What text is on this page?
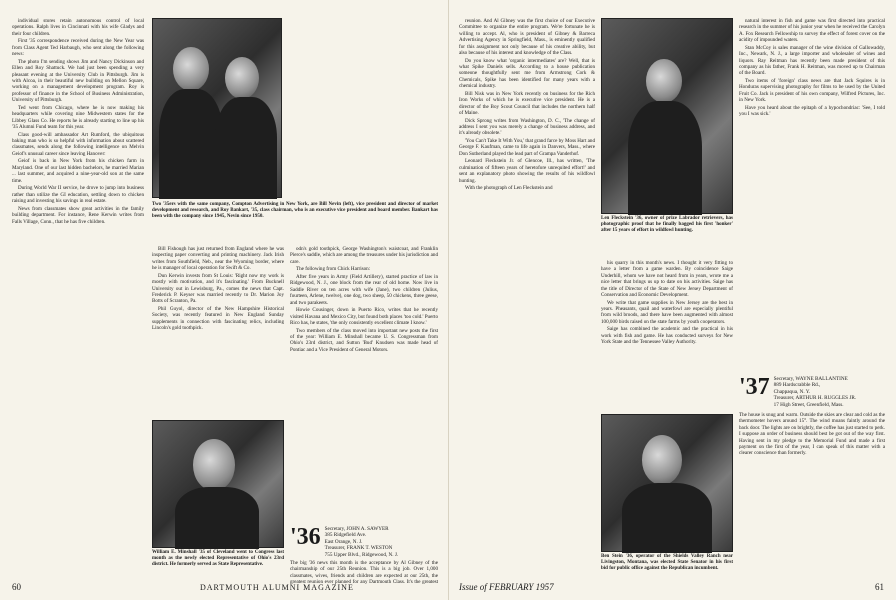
individual stores retain autonomous control of local operations. Ralph lives in Cincinnati with his wife Gladys and their four children.

First '35 correspondence received during the New Year was from Class Agent Ted Harbaugh, who sent along the following news:

The photo I'm sending shows Jim and Nancy Dickinson and Ellen and Roy Shattuck. We had just been spending a very pleasant evening at the University Club in Pittsburgh. Jim is with Alcoa, in their beautiful new building on Mellon Square, working on a management development program. Roy is professor of finance in the School of Business Administration, University of Pittsburgh.

Ted went from Chicago, where he is now making his headquarters while covering nine Midwestern states for the Libbey Glass Co. He reports he is already starting to line up his '35 Alumni Fund team for this year.

Class good-will ambassador Art Rumford, the ubiquitous baking man who is so helpful with information about scattered classmates, sends along the following intelligence on Melvin Geiof's unusual career since leaving Hanover:

Geiof is back in New York from his chicken farm in Maryland. One of our last hidden bachelors, he married Marian ... last summer, and acquired a nine-year-old son at the same time.

During World War II service, he drove to jump into business rather than utilize the GI education, settling down to chicken raising and investing his savings in real estate.

News from classmates show great activities in the family building department. For instance, Rene Kerwin writes from Falls Village, Conn., that he has five children.

Two '35ers with the same company, Compton Advertising in New York, are Bill Nevin (left), vice president and director of market development and research, and Roy Bankart, '35, class chairman, who is an executive vice president and board member. Bankart has been with the company since 1945, Nevin since 1950.

Bill Fishough has just returned from England where he was inspecting paper converting and printing machinery. Jack Irish writes from Southfield, Neb., near the Wyoming border, where he is manager of local operation for Swift & Co.

Dun Kerwin invests from St Louis: 'Right now my work is mostly with motivation, and it's fascinating.' From Bucknell University out in Lewisburg, Pa., comes the news that Capt. Frederick P. Keyser was married recently to Dr. Marion Joy Botts of Scranton, Pa.

Phil Guyol, director of the New Hampshire Historical Society, was recently featured in New England Sunday supplements in connection with fascinating relics, including Lincoln's gold toothpick.

odn's gold toothpick, George Washington's waistcoat, and Franklin Pierce's saddle, which are among the treasures under his jurisdiction and care.

The following from Chick Harrison:

After five years in Army (Field Artillery), started practice of law in Ridgewood, N. J., one block from the rear of old home. Now live in Saddle River on ten acres with wife (Jane), two children (Julius, fourteen, Arlene, twelve), one dog, two sheep, 50 chickens, three geese, and two parakeets.

Howie Cousinger, down in Puerto Rico, writes that he recently visited Havana and Mexico City, but found both places 'too cold.' Puerto Rico has, he states, 'the only consistently excellent climate I know.'

Two members of the class moved into important new posts the first of the year: William E. Minshall became U. S. Congressman from Ohio's 23rd district, and Sutton 'Bud' Knudsen was made head of Pontiac and a Vice President of General Motors.

William E. Minshall '35 of Cleveland went to Congress last month as the newly elected Representative of Ohio's 23rd district. He formerly served as State Representative.
'36 Secretary, JOHN A. SAWYER
385 Ridgefield Ave.
East Orange, N. J.
Treasurer, FRANK T. WESTON
755 Upper Blvd., Ridgewood, N. J.
The big '36 news this month is the acceptance by Al Gibney of the chairmanship of our 25th Reunion. This is a big job. Over 1,000 classmates, wives, friends and children are expected at our 25th, the greatest reunion ever planned for any Dartmouth Class. It's the greatest
60	DARTMOUTH ALUMNI MAGAZINE

reunion. And Al Gibney was the first choice of our Executive Committee to organize the entire program. We're fortunate he is willing to accept. Al, who is president of Gibney & Barreca Advertising Agency in Springfield, Mass., is eminently qualified for this assignment not only because of his creative ability, but also because of his interest and knowledge of the Class.

Do you know what 'organic intermediates' are? Well, that is what Spike Daniels sells. According to a house publication someone thoughtfully sent me from Armstrong Cork & Chemicals, Spike has been identified for many years with a chemical industry.

Bill Nisk was in New York recently on business for the Rich Iron Works of which he is executive vice president. He is a director of the Boy Scout Council that includes the northern half of Maine.

Dick Sprong writes from Washington, D. C., 'The change of address I sent you was merely a change of business address, and it's already obsolete.'

'You Can't Take It With You,' that grand farce by Moss Hart and George F. Kaufman, came to life again in Danvers, Mass., where Don Sutherland played the lead part of Grampa Vanderhof.

Leonard Fleckstein Jr. of Glencoe, Ill., has written, 'The culmination of fifteen years of heretofore unrequited effort!' and sent an explanatory photo showing the results of his wildfowl hunting.

With the photograph of Len Fleckstein and

Len Fleckstein '36, owner of prize Labrador retrievers, has photographic proof that he finally bagged his first 'honker' after 15 years of effort in wildfowl hunting.

his quarry in this month's news. I thought it very fitting to have a letter from a game warden. By coincidence Saige Underhill, whom we have not heard from in years, wrote me a nice letter that brings us up to date on his activities. Saige has the title of Director of the State of New Jersey Department of Conservation and Economic Development.

We write that game supplies in New Jersey are the best in years. Pheasants, quail and waterfowl are especially plentiful from wild broods, and there have been augmented with almost 100,000 birds raised on the state farms by youth cooperators.

Saige has combined the academic and the practical in his work with fish and game. He has conducted surveys for New York State and the Tennessee Valley Authority.

Ben Stein '36, operator of the Shields Valley Ranch near Livingston, Montana, was elected State Senator in his first bid for public office against the Republican incumbent.

natural interest in fish and game was first directed into practical research in the summer of his junior year when he received the Carolyn A. Fox Research Fellowship to survey the effect of forest cover on the acidity of impounded waters.

Stan McCoy is sales manager of the wine division of Gallowaddy, Inc., Newark, N. J., a large importer and wholesaler of wines and liquors. Ray Reitman has recently been made president of this company as his father, Frank H. Reitman, was moved up to Chairman of the Board.

Two items of 'foreign' class news are that Jack Squires is in Honduras supervising photography for films to be used by the United Fruit Co. Jack is president of his own company, Wilfred Pictures, Inc. in New York.

Have you heard about the epitaph of a hypochondriac: 'See, I told you I was sick.'

'37 Secretary, WAYNE BALLANTINE
889 Hardscrabble Rd.,
Chappaqua, N. Y.
Treasurer, ARTHUR H. RUGGLES JR.
17 High Street, Greenfield, Mass.
The house is snug and warm. Outside the skies are clear and cold as the thermometer hovers around 15°. The wind moans faintly around the back door. The lights are on brightly, the coffee has just started to perk. I suppose an order of business should best be got out of the way first. Having sent in my pledge to the Memorial Fund and made a first payment on the first of the year, I can speak of this matter with a clearer conscience than formerly.
Issue of FEBRUARY 1957	61
